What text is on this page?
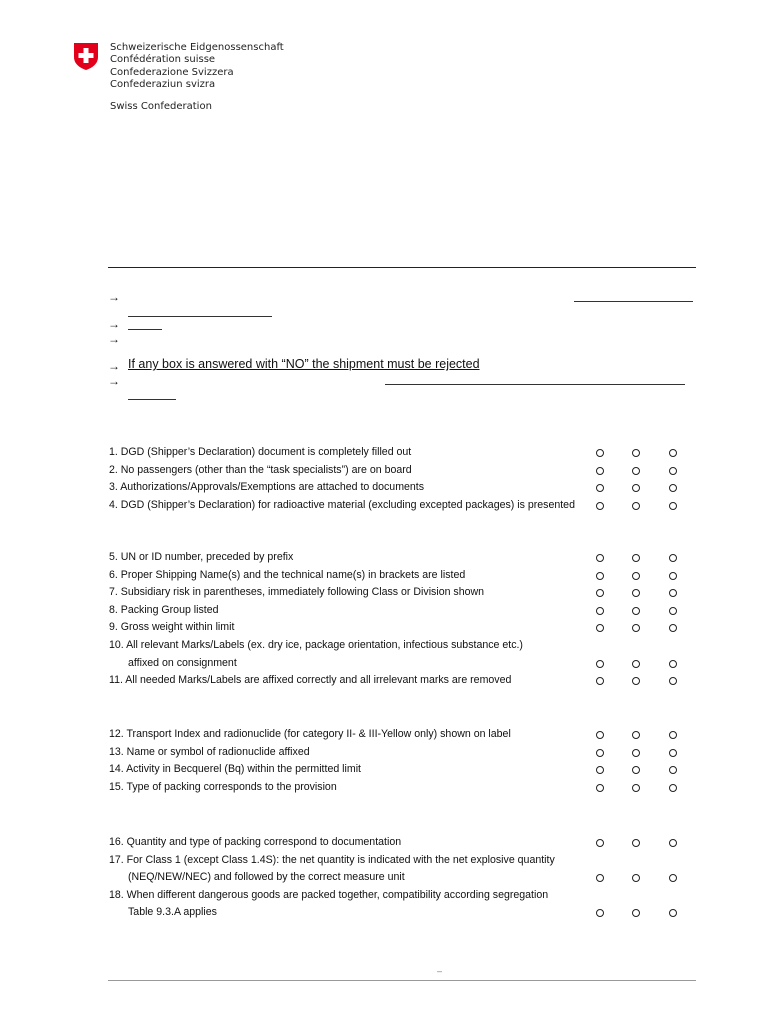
Schweizerische Eidgenossenschaft
Confédération suisse
Confederazione Svizzera
Confederaziun svizra
Swiss Confederation
→
→
→
→ If any box is answered with “NO” the shipment must be rejected
→
1. DGD (Shipper’s Declaration) document is completely filled out
2. No passengers (other than the “task specialists”) are on board
3. Authorizations/Approvals/Exemptions are attached to documents
4. DGD (Shipper’s Declaration) for radioactive material (excluding excepted packages) is presented
5. UN or ID number, preceded by prefix
6. Proper Shipping Name(s) and the technical name(s) in brackets are listed
7. Subsidiary risk in parentheses, immediately following Class or Division shown
8. Packing Group listed
9. Gross weight within limit
10. All relevant Marks/Labels (ex. dry ice, package orientation, infectious substance etc.)
affixed on consignment
11. All needed Marks/Labels are affixed correctly and all irrelevant marks are removed
12. Transport Index and radionuclide (for category II- & III-Yellow only) shown on label
13. Name or symbol of radionuclide affixed
14. Activity in Becquerel (Bq) within the permitted limit
15. Type of packing corresponds to the provision
16. Quantity and type of packing correspond to documentation
17. For Class 1 (except Class 1.4S): the net quantity is indicated with the net explosive quantity
(NEQ/NEW/NEC) and followed by the correct measure unit
18. When different dangerous goods are packed together, compatibility according segregation
Table 9.3.A applies
–
